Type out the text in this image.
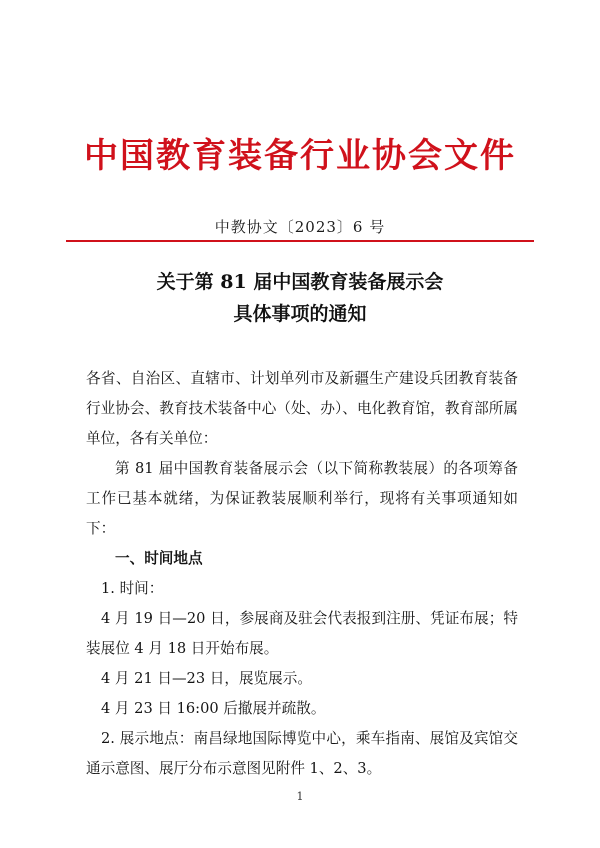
中国教育装备行业协会文件
中教协文〔2023〕6 号
关于第 81 届中国教育装备展示会
具体事项的通知

各省、自治区、直辖市、计划单列市及新疆生产建设兵团教育装备行业协会、教育技术装备中心（处、办）、电化教育馆，教育部所属单位，各有关单位：

第 81 届中国教育装备展示会（以下简称教装展）的各项筹备工作已基本就绪，为保证教装展顺利举行，现将有关事项通知如下：

一、时间地点

1. 时间：

4 月 19 日—20 日，参展商及驻会代表报到注册、凭证布展；特装展位 4 月 18 日开始布展。

4 月 21 日—23 日，展览展示。

4 月 23 日 16:00 后撤展并疏散。

2. 展示地点：南昌绿地国际博览中心，乘车指南、展馆及宾馆交通示意图、展厅分布示意图见附件 1、2、3。

1
